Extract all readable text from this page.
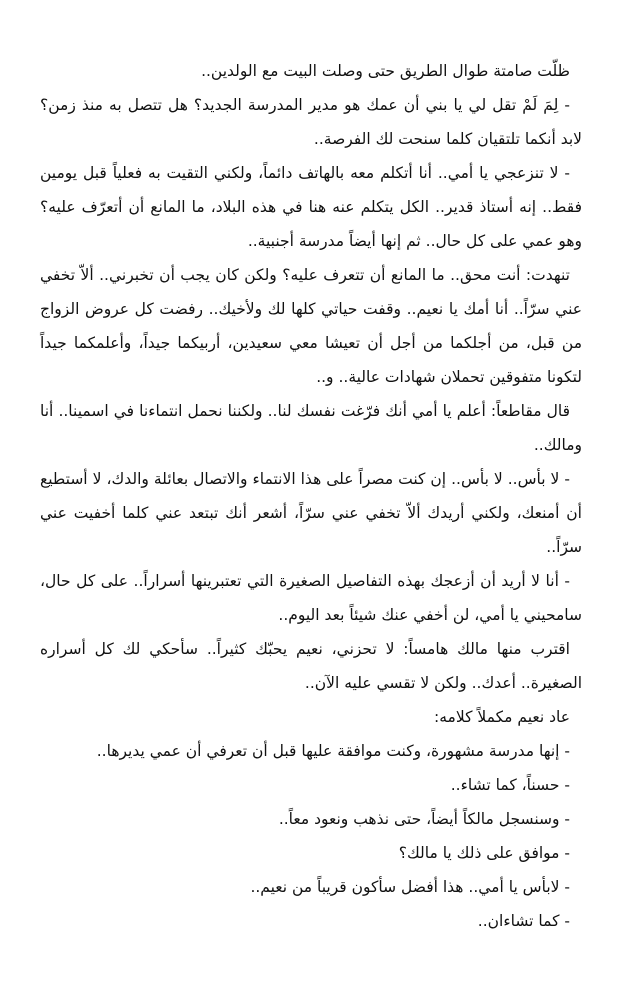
ظلّت صامتة طوال الطريق حتى وصلت البيت مع الولدين..

- لِمَ لَمْ تقل لي يا بني أن عمك هو مدير المدرسة الجديد؟ هل تتصل به منذ زمن؟ لابد أنكما تلتقيان كلما سنحت لك الفرصة..

- لا تنزعجي يا أمي.. أنا أتكلم معه بالهاتف دائماً، ولكني التقيت به فعلياً قبل يومين فقط.. إنه أستاذ قدير.. الكل يتكلم عنه هنا في هذه البلاد، ما المانع أن أتعرّف عليه؟ وهو عمي على كل حال.. ثم إنها أيضاً مدرسة أجنبية..

تنهدت: أنت محق.. ما المانع أن تتعرف عليه؟ ولكن كان يجب أن تخبرني.. ألاّ تخفي عني سرّاً.. أنا أمك يا نعيم.. وقفت حياتي كلها لك ولأخيك.. رفضت كل عروض الزواج من قبل، من أجلكما من أجل أن تعيشا معي سعيدين، أربيكما جيداً، وأعلمكما جيداً لتكونا متفوقين تحملان شهادات عالية.. و..

قال مقاطعاً: أعلم يا أمي أنك فرّغت نفسك لنا.. ولكننا نحمل انتماءنا في اسمينا.. أنا ومالك..

- لا بأس.. لا بأس.. إن كنت مصراً على هذا الانتماء والاتصال بعائلة والدك، لا أستطيع أن أمنعك، ولكني أريدك ألاّ تخفي عني سرّاً، أشعر أنك تبتعد عني كلما أخفيت عني سرّاً..

- أنا لا أريد أن أزعجك بهذه التفاصيل الصغيرة التي تعتبرينها أسراراً.. على كل حال، سامحيني يا أمي، لن أخفي عنك شيئاً بعد اليوم..

اقترب منها مالك هامساً: لا تحزني، نعيم يحبّك كثيراً.. سأحكي لك كل أسراره الصغيرة.. أعدك.. ولكن لا تقسي عليه الآن..

عاد نعيم مكملاً كلامه:

- إنها مدرسة مشهورة، وكنت موافقة عليها قبل أن تعرفي أن عمي يديرها..

- حسناً، كما تشاء..

- وسنسجل مالكاً أيضاً، حتى نذهب ونعود معاً..

- موافق على ذلك يا مالك؟

- لابأس يا أمي.. هذا أفضل سأكون قريباً من نعيم..

- كما تشاءان..
